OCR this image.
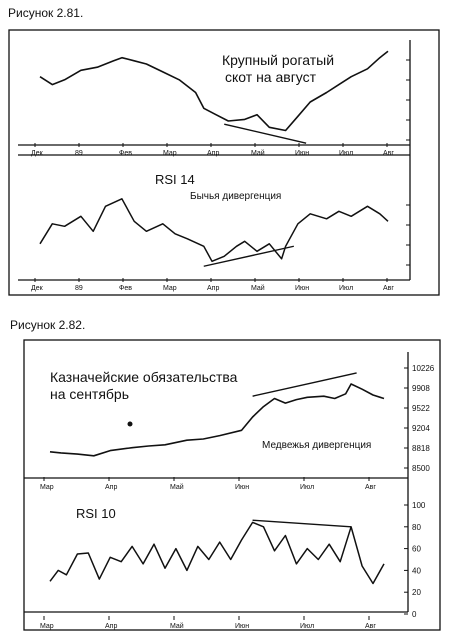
Рисунок 2.81.
Рисунок 2.82.
Крупный рогатый
скот на август
RSI 14
Бычья дивергенция
Казначейские обязательства
на сентябрь
Медвежья дивергенция
RSI 10
Дек	89	Фев	Мар	Апр	Май	Июн	Июл	Авг
Дек	89	Фев	Мар	Апр	Май	Июн	Июл	Авг
Мар	Апр	Май	Июн	Июл	Авг
Мар	Апр	Май	Июн	Июл	Авг
10226
9908
9522
9204
8818
8500
100
80
60
40
20
0
